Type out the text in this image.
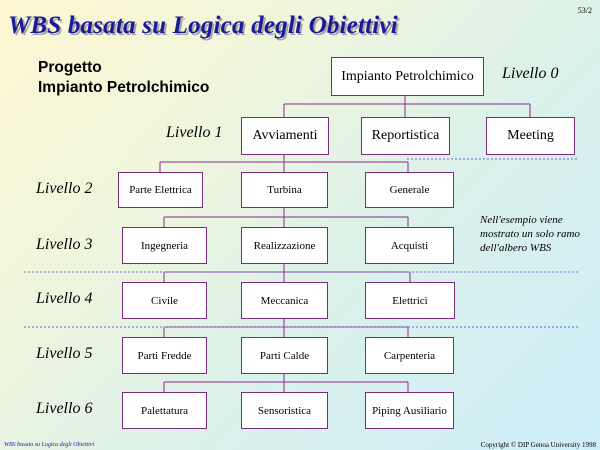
WBS basata su Logica degli Obiettivi
53/2
Progetto
Impianto Petrolchimico
Livello 0
Livello 1
Livello 2
Livello 3
Livello 4
Livello 5
Livello 6
Impianto Petrolchimico
Avviamenti	Reportistica	Meeting
Parte Elettrica	Turbina	Generale
Ingegneria	Realizzazione	Acquisti
Civile	Meccanica	Elettrici
Parti Fredde	Parti Calde	Carpenteria
Palettatura	Sensoristica	Piping Ausiliario
Nell'esempio viene mostrato un solo ramo dell'albero WBS
WBS basata su Logica degli Obiettivi	Copyright © DIP Genoa University 1998
